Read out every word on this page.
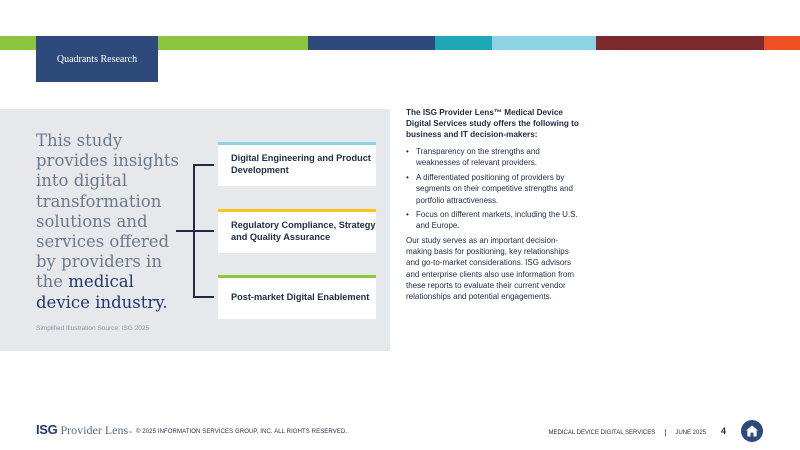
Quadrants Research
This study provides insights into digital transformation solutions and services offered by providers in the medical device industry.
Simplified Illustration Source: ISG 2025
Digital Engineering and Product Development
Regulatory Compliance, Strategy and Quality Assurance
Post-market Digital Enablement

The ISG Provider Lens™ Medical Device Digital Services study offers the following to business and IT decision-makers:

• Transparency on the strengths and weaknesses of relevant providers.
• A differentiated positioning of providers by segments on their competitive strengths and portfolio attractiveness.
• Focus on different markets, including the U.S. and Europe.

Our study serves as an important decision-making basis for positioning, key relationships and go-to-market considerations. ISG advisors and enterprise clients also use information from these reports to evaluate their current vendor relationships and potential engagements.

ISG Provider Lens ™ © 2025 INFORMATION SERVICES GROUP, INC. ALL RIGHTS RESERVED.	MEDICAL DEVICE DIGITAL SERVICES | JUNE 2025 4
